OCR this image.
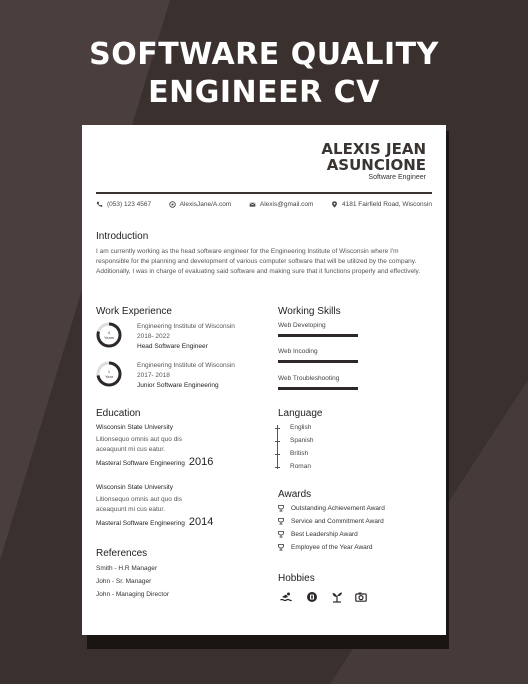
SOFTWARE QUALITY
ENGINEER CV
ALEXIS JEAN
ASUNCIONE
Software Engineer
(053) 123 4567	AlexisJane/A.com	Alexis@gmail.com	4181 Fairfield Road, Wisconsin
Introduction
I am currently working as the head software engineer for the Engineering Institute of Wisconsin where I'm responsible for the planning and development of various computer software that will be utilized by the company. Additionally, I was in charge of evaluating said software and making sure that it functions properly and effectively.
Work Experience
4
Years
Engineering Institute of Wisconsin
2018- 2022
Head Software Engineer
1
Year
Engineering Institute of Wisconsin
2017- 2018
Junior Software Engineering
Working Skills
Web Developing
Web Incoding
Web Troubleshooting
Education
Wisconsin State University
Litionsequo omnis aut quo dis
aceaquunt mi cus eatur.
Masteral Software Engineering 2016
Wisconsin State University
Litionsequo omnis aut quo dis
aceaquunt mi cus eatur.
Masteral Software Engineering 2014
Language
English
Spanish
British
Roman
Awards
Outstanding Achievement Award
Service and Commitment Award
Best Leadership Award
Employee of the Year Award
References
Smith - H.R Manager
John - Sr. Manager
John - Managing Director
Hobbies
